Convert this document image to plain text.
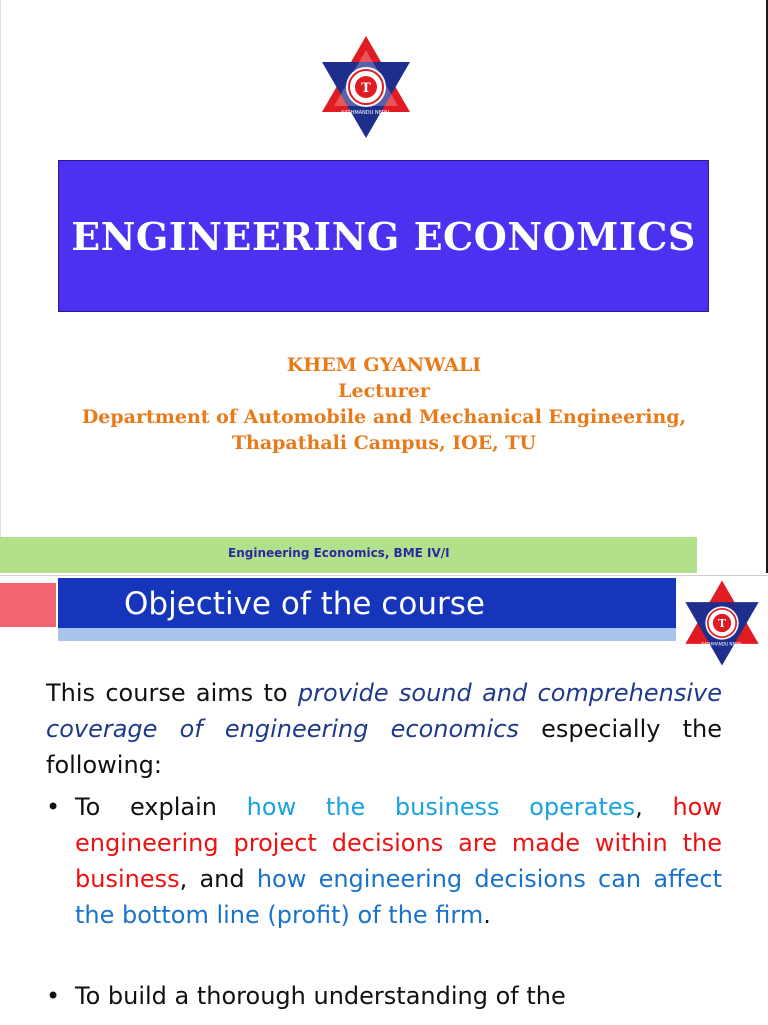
T
KATHMANDU NEPAL
ENGINEERING ECONOMICS
KHEM GYANWALI
Lecturer
Department of Automobile and Mechanical Engineering,
Thapathali Campus, IOE, TU
Engineering Economics, BME IV/I
Objective of the course
T
KATHMANDU NEPAL
This course aims to provide sound and comprehensive coverage of engineering economics especially the following:
• To explain how the business operates, how engineering project decisions are made within the business, and how engineering decisions can affect the bottom line (profit) of the firm.
• To build a thorough understanding of the
